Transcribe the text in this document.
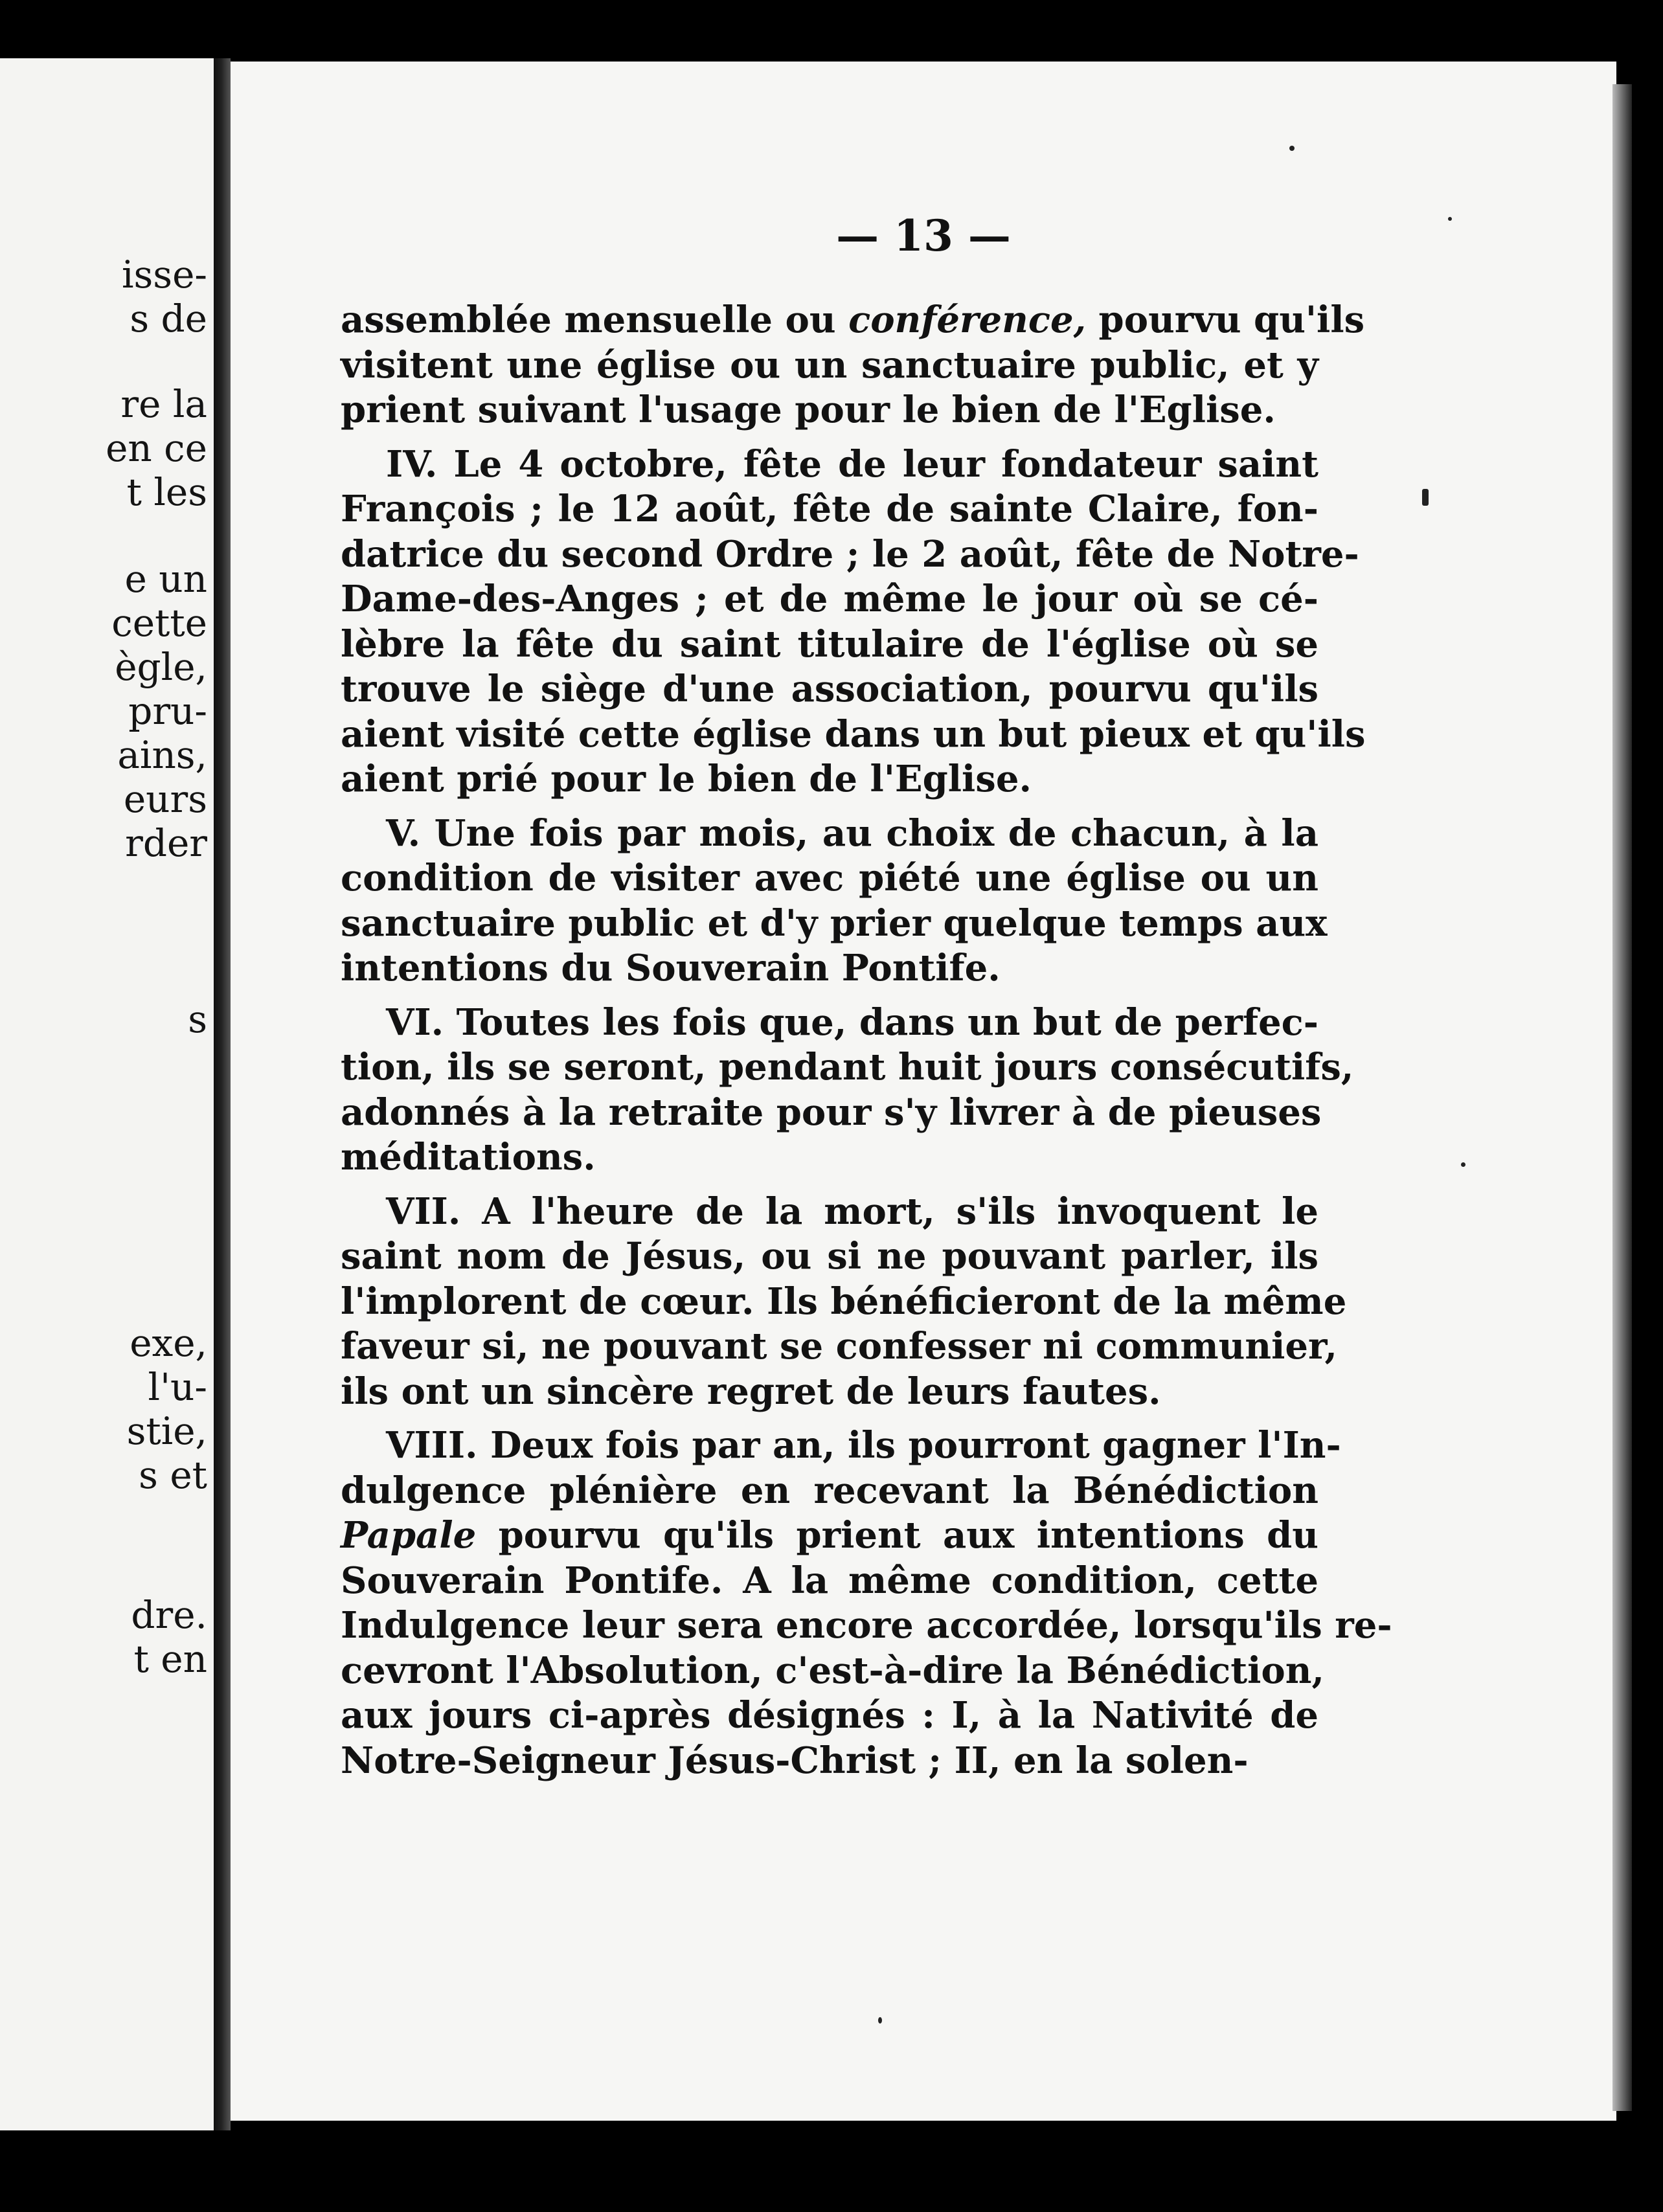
isse-
s de
re la
en ce
t les
e un
cette
ègle,
pru-
ains,
eurs
rder
s
exe,
l'u-
stie,
s et
dre.
t en
— 13 —
assemblée mensuelle ou conférence, pourvu qu'ils
visitent une église ou un sanctuaire public, et y
prient suivant l'usage pour le bien de l'Eglise.
IV. Le 4 octobre, fête de leur fondateur saint
François ; le 12 août, fête de sainte Claire, fon-
datrice du second Ordre ; le 2 août, fête de Notre-
Dame-des-Anges ; et de même le jour où se cé-
lèbre la fête du saint titulaire de l'église où se
trouve le siège d'une association, pourvu qu'ils
aient visité cette église dans un but pieux et qu'ils
aient prié pour le bien de l'Eglise.
V. Une fois par mois, au choix de chacun, à la
condition de visiter avec piété une église ou un
sanctuaire public et d'y prier quelque temps aux
intentions du Souverain Pontife.
VI. Toutes les fois que, dans un but de perfec-
tion, ils se seront, pendant huit jours consécutifs,
adonnés à la retraite pour s'y livrer à de pieuses
méditations.
VII. A l'heure de la mort, s'ils invoquent le
saint nom de Jésus, ou si ne pouvant parler, ils
l'implorent de cœur. Ils bénéficieront de la même
faveur si, ne pouvant se confesser ni communier,
ils ont un sincère regret de leurs fautes.
VIII. Deux fois par an, ils pourront gagner l'In-
dulgence plénière en recevant la Bénédiction
Papale pourvu qu'ils prient aux intentions du
Souverain Pontife. A la même condition, cette
Indulgence leur sera encore accordée, lorsqu'ils re-
cevront l'Absolution, c'est-à-dire la Bénédiction,
aux jours ci-après désignés : I, à la Nativité de
Notre-Seigneur Jésus-Christ ; II, en la solen-
